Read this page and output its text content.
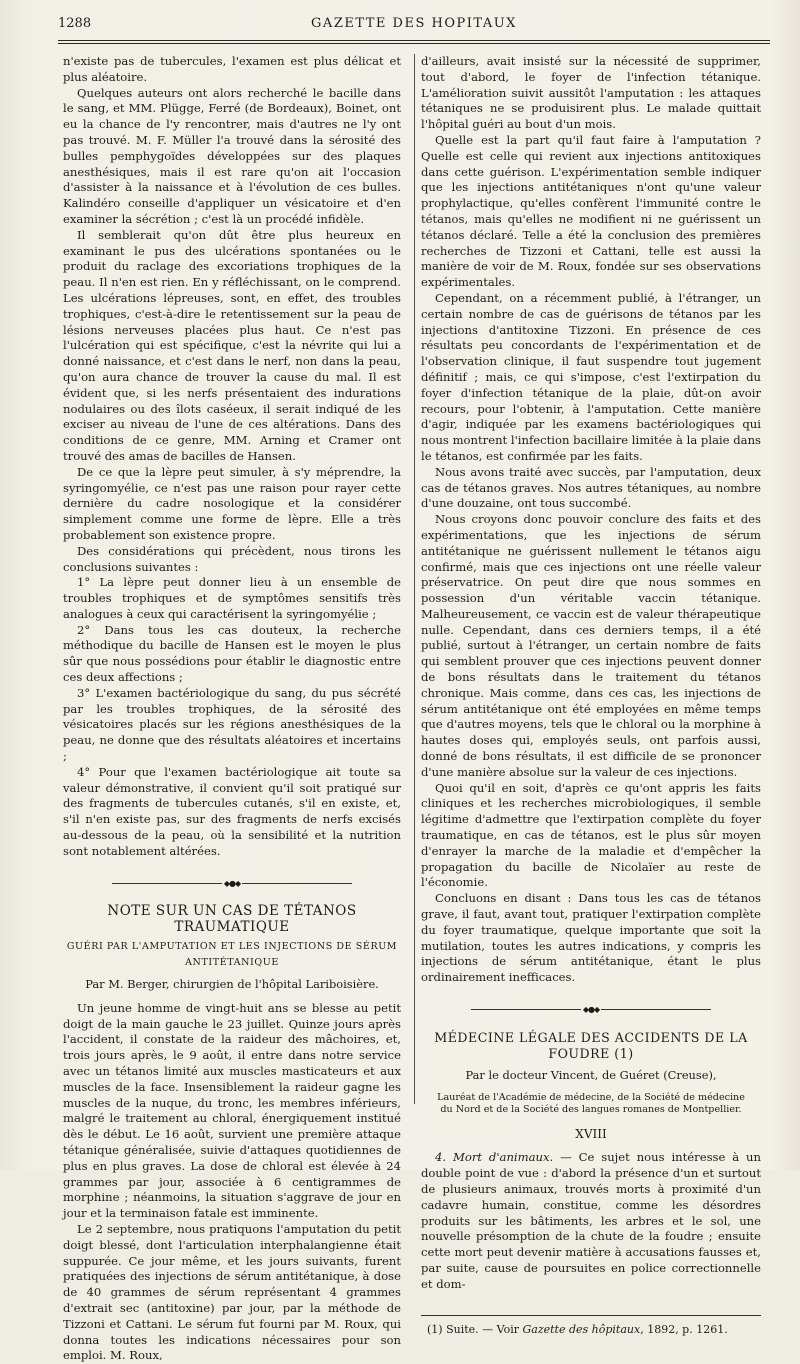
1288	GAZETTE DES HOPITAUX

n'existe pas de tubercules, l'examen est plus délicat et plus aléatoire.

Quelques auteurs ont alors recherché le bacille dans le sang, et MM. Plügge, Ferré (de Bordeaux), Boinet, ont eu la chance de l'y rencontrer, mais d'autres ne l'y ont pas trouvé. M. F. Müller l'a trouvé dans la sérosité des bulles pemphygoïdes développées sur des plaques anesthésiques, mais il est rare qu'on ait l'occasion d'assister à la naissance et à l'évolution de ces bulles. Kalindéro conseille d'appliquer un vésicatoire et d'en examiner la sécrétion ; c'est là un procédé infidèle.

Il semblerait qu'on dût être plus heureux en examinant le pus des ulcérations spontanées ou le produit du raclage des excoriations trophiques de la peau. Il n'en est rien. En y réfléchissant, on le comprend. Les ulcérations lépreuses, sont, en effet, des troubles trophiques, c'est-à-dire le retentissement sur la peau de lésions nerveuses placées plus haut. Ce n'est pas l'ulcération qui est spécifique, c'est la névrite qui lui a donné naissance, et c'est dans le nerf, non dans la peau, qu'on aura chance de trouver la cause du mal. Il est évident que, si les nerfs présentaient des indurations nodulaires ou des îlots caséeux, il serait indiqué de les exciser au niveau de l'une de ces altérations. Dans des conditions de ce genre, MM. Arning et Cramer ont trouvé des amas de bacilles de Hansen.

De ce que la lèpre peut simuler, à s'y méprendre, la syringomyélie, ce n'est pas une raison pour rayer cette dernière du cadre nosologique et la considérer simplement comme une forme de lèpre. Elle a très probablement son existence propre.

Des considérations qui précèdent, nous tirons les conclusions suivantes :

1° La lèpre peut donner lieu à un ensemble de troubles trophiques et de symptômes sensitifs très analogues à ceux qui caractérisent la syringomyélie ;

2° Dans tous les cas douteux, la recherche méthodique du bacille de Hansen est le moyen le plus sûr que nous possédions pour établir le diagnostic entre ces deux affections ;

3° L'examen bactériologique du sang, du pus sécrété par les troubles trophiques, de la sérosité des vésicatoires placés sur les régions anesthésiques de la peau, ne donne que des résultats aléatoires et incertains ;

4° Pour que l'examen bactériologique ait toute sa valeur démonstrative, il convient qu'il soit pratiqué sur des fragments de tubercules cutanés, s'il en existe, et, s'il n'en existe pas, sur des fragments de nerfs excisés au-dessous de la peau, où la sensibilité et la nutrition sont notablement altérées.

◆●◆
NOTE SUR UN CAS DE TÉTANOS TRAUMATIQUE
GUÉRI PAR L'AMPUTATION ET LES INJECTIONS DE SÉRUM ANTITÉTANIQUE
Par M. Berger, chirurgien de l'hôpital Lariboisière.

Un jeune homme de vingt-huit ans se blesse au petit doigt de la main gauche le 23 juillet. Quinze jours après l'accident, il constate de la raideur des mâchoires, et, trois jours après, le 9 août, il entre dans notre service avec un tétanos limité aux muscles masticateurs et aux muscles de la face. Insensiblement la raideur gagne les muscles de la nuque, du tronc, les membres inférieurs, malgré le traitement au chloral, énergiquement institué dès le début. Le 16 août, survient une première attaque tétanique généralisée, suivie d'attaques quotidiennes de plus en plus graves. La dose de chloral est élevée à 24 grammes par jour, associée à 6 centigrammes de morphine ; néanmoins, la situation s'aggrave de jour en jour et la terminaison fatale est imminente.

Le 2 septembre, nous pratiquons l'amputation du petit doigt blessé, dont l'articulation interphalangienne était suppurée. Ce jour même, et les jours suivants, furent pratiquées des injections de sérum antitétanique, à dose de 40 grammes de sérum représentant 4 grammes d'extrait sec (antitoxine) par jour, par la méthode de Tizzoni et Cattani. Le sérum fut fourni par M. Roux, qui donna toutes les indications nécessaires pour son emploi. M. Roux,

d'ailleurs, avait insisté sur la nécessité de supprimer, tout d'abord, le foyer de l'infection tétanique. L'amélioration suivit aussitôt l'amputation : les attaques tétaniques ne se produisirent plus. Le malade quittait l'hôpital guéri au bout d'un mois.

Quelle est la part qu'il faut faire à l'amputation ? Quelle est celle qui revient aux injections antitoxiques dans cette guérison. L'expérimentation semble indiquer que les injections antitétaniques n'ont qu'une valeur prophylactique, qu'elles confèrent l'immunité contre le tétanos, mais qu'elles ne modifient ni ne guérissent un tétanos déclaré. Telle a été la conclusion des premières recherches de Tizzoni et Cattani, telle est aussi la manière de voir de M. Roux, fondée sur ses observations expérimentales.

Cependant, on a récemment publié, à l'étranger, un certain nombre de cas de guérisons de tétanos par les injections d'antitoxine Tizzoni. En présence de ces résultats peu concordants de l'expérimentation et de l'observation clinique, il faut suspendre tout jugement définitif ; mais, ce qui s'impose, c'est l'extirpation du foyer d'infection tétanique de la plaie, dût-on avoir recours, pour l'obtenir, à l'amputation. Cette manière d'agir, indiquée par les examens bactériologiques qui nous montrent l'infection bacillaire limitée à la plaie dans le tétanos, est confirmée par les faits.

Nous avons traité avec succès, par l'amputation, deux cas de tétanos graves. Nos autres tétaniques, au nombre d'une douzaine, ont tous succombé.

Nous croyons donc pouvoir conclure des faits et des expérimentations, que les injections de sérum antitétanique ne guérissent nullement le tétanos aigu confirmé, mais que ces injections ont une réelle valeur préservatrice. On peut dire que nous sommes en possession d'un véritable vaccin tétanique. Malheureusement, ce vaccin est de valeur thérapeutique nulle. Cependant, dans ces derniers temps, il a été publié, surtout à l'étranger, un certain nombre de faits qui semblent prouver que ces injections peuvent donner de bons résultats dans le traitement du tétanos chronique. Mais comme, dans ces cas, les injections de sérum antitétanique ont été employées en même temps que d'autres moyens, tels que le chloral ou la morphine à hautes doses qui, employés seuls, ont parfois aussi, donné de bons résultats, il est difficile de se prononcer d'une manière absolue sur la valeur de ces injections.

Quoi qu'il en soit, d'après ce qu'ont appris les faits cliniques et les recherches microbiologiques, il semble légitime d'admettre que l'extirpation complète du foyer traumatique, en cas de tétanos, est le plus sûr moyen d'enrayer la marche de la maladie et d'empêcher la propagation du bacille de Nicolaïer au reste de l'économie.

Concluons en disant : Dans tous les cas de tétanos grave, il faut, avant tout, pratiquer l'extirpation complète du foyer traumatique, quelque importante que soit la mutilation, toutes les autres indications, y compris les injections de sérum antitétanique, étant le plus ordinairement inefficaces.

◆●◆
MÉDECINE LÉGALE DES ACCIDENTS DE LA FOUDRE (1)
Par le docteur Vincent, de Guéret (Creuse),
Lauréat de l'Académie de médecine, de la Société de médecine du Nord et de la Société des langues romanes de Montpellier.
XVIII

4. Mort d'animaux. — Ce sujet nous intéresse à un double point de vue : d'abord la présence d'un et surtout de plusieurs animaux, trouvés morts à proximité d'un cadavre humain, constitue, comme les désordres produits sur les bâtiments, les arbres et le sol, une nouvelle présomption de la chute de la foudre ; ensuite cette mort peut devenir matière à accusations fausses et, par suite, cause de poursuites en police correctionnelle et dom-

(1) Suite. — Voir Gazette des hôpitaux, 1892, p. 1261.
